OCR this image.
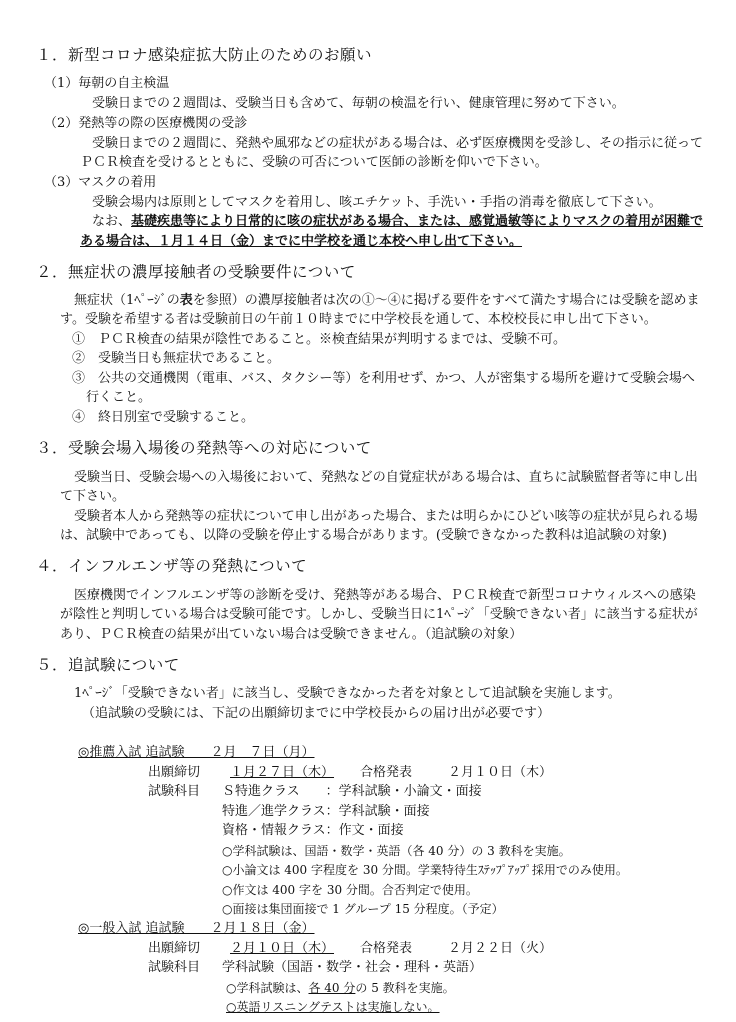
１．新型コロナ感染症拡大防止のためのお願い
（1）毎朝の自主検温
受験日までの２週間は、受験当日も含めて、毎朝の検温を行い、健康管理に努めて下さい。
（2）発熱等の際の医療機関の受診
受験日までの２週間に、発熱や風邪などの症状がある場合は、必ず医療機関を受診し、その指示に従って
ＰＣＲ検査を受けるとともに、受験の可否について医師の診断を仰いで下さい。
（3）マスクの着用
受験会場内は原則としてマスクを着用し、咳エチケット、手洗い・手指の消毒を徹底して下さい。
なお、基礎疾患等により日常的に咳の症状がある場合、または、感覚過敏等によりマスクの着用が困難で
ある場合は、１月１４日（金）までに中学校を通じ本校へ申し出て下さい。
２．無症状の濃厚接触者の受験要件について
無症状（1ﾍﾟｰｼﾞの表を参照）の濃厚接触者は次の①～④に掲げる要件をすべて満たす場合には受験を認めま
す。受験を希望する者は受験前日の午前１０時までに中学校長を通して、本校校長に申し出て下さい。
①　ＰＣＲ検査の結果が陰性であること。※検査結果が判明するまでは、受験不可。
②　受験当日も無症状であること。
③　公共の交通機関（電車、バス、タクシー等）を利用せず、かつ、人が密集する場所を避けて受験会場へ
行くこと。
④　終日別室で受験すること。
３．受験会場入場後の発熱等への対応について
受験当日、受験会場への入場後において、発熱などの自覚症状がある場合は、直ちに試験監督者等に申し出
て下さい。
受験者本人から発熱等の症状について申し出があった場合、または明らかにひどい咳等の症状が見られる場
は、試験中であっても、以降の受験を停止する場合があります。(受験できなかった教科は追試験の対象)
４．インフルエンザ等の発熱について
医療機関でインフルエンザ等の診断を受け、発熱等がある場合、ＰＣＲ検査で新型コロナウィルスへの感染
が陰性と判明している場合は受験可能です。しかし、受験当日に1ﾍﾟｰｼﾞ「受験できない者」に該当する症状が
あり、ＰＣＲ検査の結果が出ていない場合は受験できません。（追試験の対象）
５．追試験について
1ﾍﾟｰｼﾞ「受験できない者」に該当し、受験できなかった者を対象として追試験を実施します。
（追試験の受験には、下記の出願締切までに中学校長からの届け出が必要です）
◎推薦入試 追試験　　２月　７日（月）
出願締切 １月２７日（木） 合格発表	２月１０日（木）
試験科目 Ｓ特進クラス　　：学科試験・小論文・面接
特進／進学クラス：学科試験・面接
資格・情報クラス：作文・面接
○学科試験は、国語・数学・英語（各 40 分）の 3 教科を実施。
○小論文は 400 字程度を 30 分間。学業特待生ｽﾃｯﾌﾟｱｯﾌﾟ採用でのみ使用。
○作文は 400 字を 30 分間。合否判定で使用。
○面接は集団面接で 1 グループ 15 分程度。（予定）
◎一般入試 追試験　　２月１８日（金）
出願締切 ２月１０日（木） 合格発表	２月２２日（火）
試験科目 学科試験（国語・数学・社会・理科・英語）
○学科試験は、各 40 分の 5 教科を実施。
○英語リスニングテストは実施しない。
